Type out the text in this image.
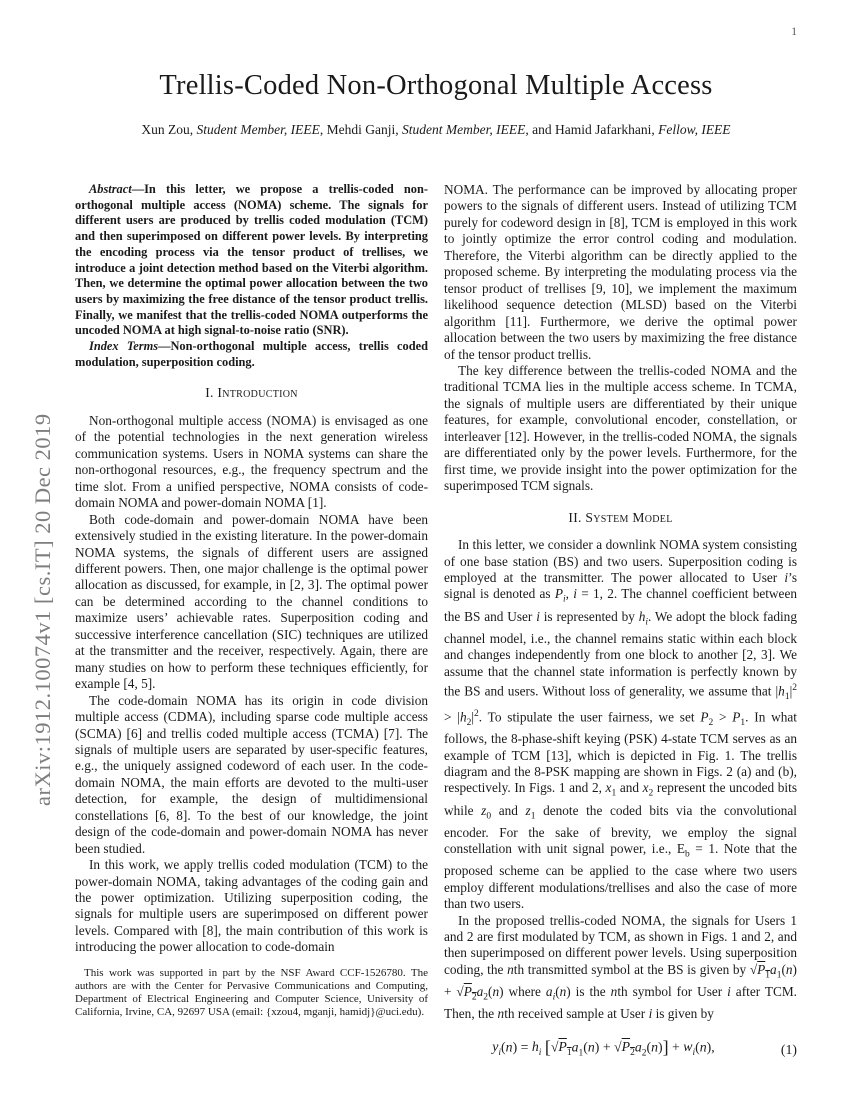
1
arXiv:1912.10074v1 [cs.IT] 20 Dec 2019
Trellis-Coded Non-Orthogonal Multiple Access
Xun Zou, Student Member, IEEE, Mehdi Ganji, Student Member, IEEE, and Hamid Jafarkhani, Fellow, IEEE

Abstract—In this letter, we propose a trellis-coded non-orthogonal multiple access (NOMA) scheme. The signals for different users are produced by trellis coded modulation (TCM) and then superimposed on different power levels. By interpreting the encoding process via the tensor product of trellises, we introduce a joint detection method based on the Viterbi algorithm. Then, we determine the optimal power allocation between the two users by maximizing the free distance of the tensor product trellis. Finally, we manifest that the trellis-coded NOMA outperforms the uncoded NOMA at high signal-to-noise ratio (SNR).

Index Terms—Non-orthogonal multiple access, trellis coded modulation, superposition coding.

I. Introduction

Non-orthogonal multiple access (NOMA) is envisaged as one of the potential technologies in the next generation wireless communication systems. Users in NOMA systems can share the non-orthogonal resources, e.g., the frequency spectrum and the time slot. From a unified perspective, NOMA consists of code-domain NOMA and power-domain NOMA [1].

Both code-domain and power-domain NOMA have been extensively studied in the existing literature. In the power-domain NOMA systems, the signals of different users are assigned different powers. Then, one major challenge is the optimal power allocation as discussed, for example, in [2, 3]. The optimal power can be determined according to the channel conditions to maximize users’ achievable rates. Superposition coding and successive interference cancellation (SIC) techniques are utilized at the transmitter and the receiver, respectively. Again, there are many studies on how to perform these techniques efficiently, for example [4, 5].

The code-domain NOMA has its origin in code division multiple access (CDMA), including sparse code multiple access (SCMA) [6] and trellis coded multiple access (TCMA) [7]. The signals of multiple users are separated by user-specific features, e.g., the uniquely assigned codeword of each user. In the code-domain NOMA, the main efforts are devoted to the multi-user detection, for example, the design of multidimensional constellations [6, 8]. To the best of our knowledge, the joint design of the code-domain and power-domain NOMA has never been studied.

In this work, we apply trellis coded modulation (TCM) to the power-domain NOMA, taking advantages of the coding gain and the power optimization. Utilizing superposition coding, the signals for multiple users are superimposed on different power levels. Compared with [8], the main contribution of this work is introducing the power allocation to code-domain

This work was supported in part by the NSF Award CCF-1526780. The authors are with the Center for Pervasive Communications and Computing, Department of Electrical Engineering and Computer Science, University of California, Irvine, CA, 92697 USA (email: {xzou4, mganji, hamidj}@uci.edu).

NOMA. The performance can be improved by allocating proper powers to the signals of different users. Instead of utilizing TCM purely for codeword design in [8], TCM is employed in this work to jointly optimize the error control coding and modulation. Therefore, the Viterbi algorithm can be directly applied to the proposed scheme. By interpreting the modulating process via the tensor product of trellises [9, 10], we implement the maximum likelihood sequence detection (MLSD) based on the Viterbi algorithm [11]. Furthermore, we derive the optimal power allocation between the two users by maximizing the free distance of the tensor product trellis.

The key difference between the trellis-coded NOMA and the traditional TCMA lies in the multiple access scheme. In TCMA, the signals of multiple users are differentiated by their unique features, for example, convolutional encoder, constellation, or interleaver [12]. However, in the trellis-coded NOMA, the signals are differentiated only by the power levels. Furthermore, for the first time, we provide insight into the power optimization for the superimposed TCM signals.

II. System Model

In this letter, we consider a downlink NOMA system consisting of one base station (BS) and two users. Superposition coding is employed at the transmitter. The power allocated to User i’s signal is denoted as $P_i$, i = 1, 2. The channel coefficient between the BS and User i is represented by $h_i$. We adopt the block fading channel model, i.e., the channel remains static within each block and changes independently from one block to another [2, 3]. We assume that the channel state information is perfectly known by the BS and users. Without loss of generality, we assume that $|h_1|^2 > |h_2|^2$. To stipulate the user fairness, we set $P_2 > P_1$. In what follows, the 8-phase-shift keying (PSK) 4-state TCM serves as an example of TCM [13], which is depicted in Fig. 1. The trellis diagram and the 8-PSK mapping are shown in Figs. 2 (a) and (b), respectively. In Figs. 1 and 2, $x_1$ and $x_2$ represent the uncoded bits while $z_0$ and $z_1$ denote the coded bits via the convolutional encoder. For the sake of brevity, we employ the signal constellation with unit signal power, i.e., $E_b = 1$. Note that the proposed scheme can be applied to the case where two users employ different modulations/trellises and also the case of more than two users.

In the proposed trellis-coded NOMA, the signals for Users 1 and 2 are first modulated by TCM, as shown in Figs. 1 and 2, and then superimposed on different power levels. Using superposition coding, the nth transmitted symbol at the BS is given by $√P_1a_1(n) + √P_2a_2(n)$ where $a_i(n)$ is the nth symbol for User i after TCM. Then, the nth received sample at User i is given by

$y_i(n) = h_i$ $[√P_1a_1(n) + √P_2a_2(n)] + w_i(n)$,	(1)
